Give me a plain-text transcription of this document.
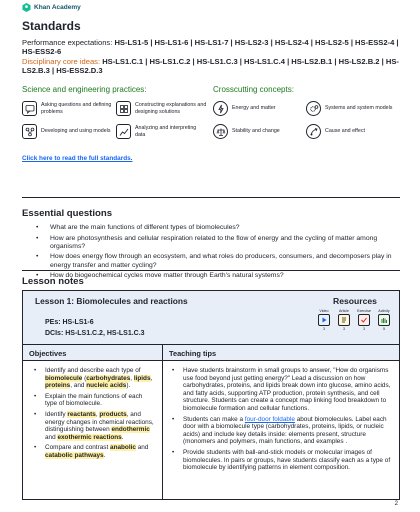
Khan Academy
Standards
Performance expectations: HS-LS1-5 | HS-LS1-6 | HS-LS1-7 | HS-LS2-3 | HS-LS2-4 | HS-LS2-5 | HS-ESS2-4 | HS-ESS2-6
Disciplinary core ideas: HS-LS1.C.1 | HS-LS1.C.2 | HS-LS1.C.3 | HS-LS1.C.4 | HS-LS2.B.1 | HS-LS2.B.2 | HS-LS2.B.3 | HS-ESS2.D.3
Science and engineering practices:	Crosscutting concepts:
Asking questions and defining problems
Developing and using models
Constructing explanations and designing solutions
Analyzing and interpreting data
Energy and matter
Stability and change
Systems and system models
Cause and effect
Click here to read the full standards.
Essential questions
• What are the main functions of different types of biomolecules?
• How are photosynthesis and cellular respiration related to the flow of energy and the cycling of matter among organisms?
• How does energy flow through an ecosystem, and what roles do producers, consumers, and decomposers play in energy transfer and matter cycling?
• How do biogeochemical cycles move matter through Earth's natural systems?
Lesson notes
Lesson 1: Biomolecules and reactions
PEs: HS-LS1-6
DCIs: HS-LS1.C.2, HS-LS1.C.3
Resources
Video
3
Article
3
Exercise
3
Activity
5
Objectives	Teaching tips
• Identify and describe each type of biomolecule (carbohydrates, lipids, proteins, and nucleic acids).
• Explain the main functions of each type of biomolecule.
• Identify reactants, products, and energy changes in chemical reactions, distinguishing between endothermic and exothermic reactions.
• Compare and contrast anabolic and catabolic pathways.
• Have students brainstorm in small groups to answer, "How do organisms use food beyond just getting energy?" Lead a discussion on how carbohydrates, proteins, and lipids break down into glucose, amino acids, and fatty acids, supporting ATP production, protein synthesis, and cell structure. Students can create a concept map linking food breakdown to biomolecule formation and cellular functions.
• Students can make a four-door foldable about biomolecules. Label each door with a biomolecule type (carbohydrates, proteins, lipids, or nucleic acids) and include key details inside: elements present, structure (monomers and polymers, main functions, and examples .
• Provide students with ball-and-stick models or molecular images of biomolecules. In pairs or groups, have students classify each as a type of biomolecule by identifying patterns in element composition.
2
